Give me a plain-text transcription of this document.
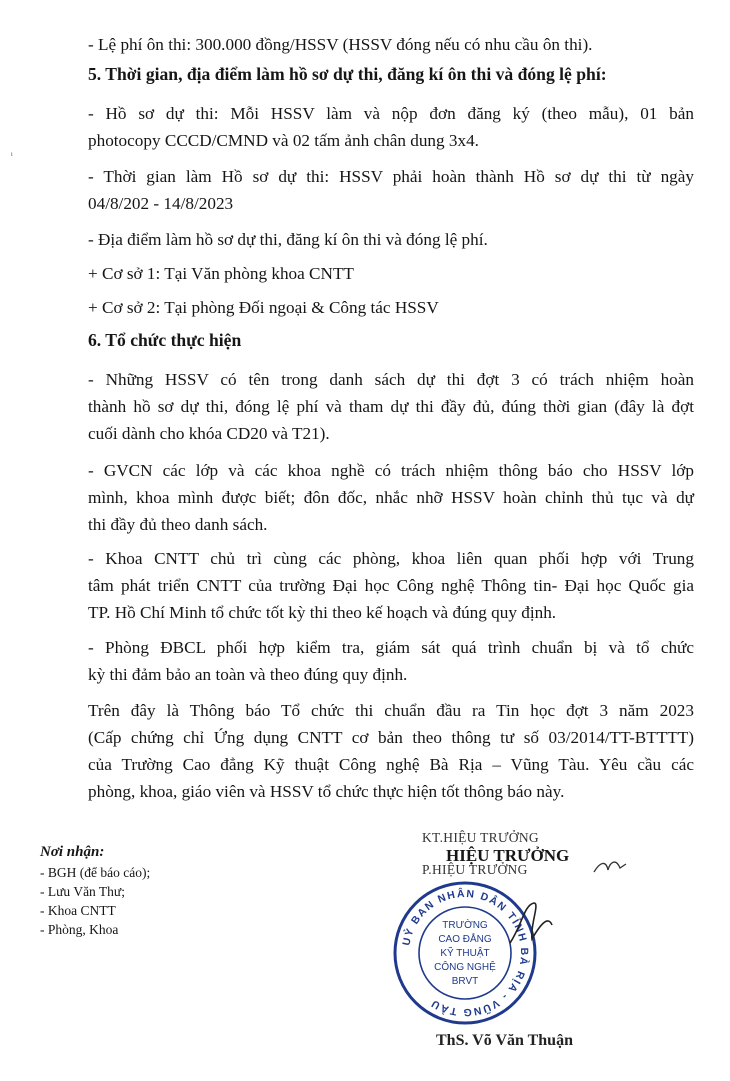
- Lệ phí ôn thi: 300.000 đồng/HSSV (HSSV đóng nếu có nhu cầu ôn thi).

5. Thời gian, địa điểm làm hồ sơ dự thi, đăng kí ôn thi và đóng lệ phí:

- Hồ sơ dự thi: Mỗi HSSV làm và nộp đơn đăng ký (theo mẫu), 01 bản

photocopy CCCD/CMND và 02 tấm ảnh chân dung 3x4.

- Thời gian làm Hồ sơ dự thi: HSSV phải hoàn thành Hồ sơ dự thi từ ngày

04/8/202 - 14/8/2023

- Địa điểm làm hồ sơ dự thi, đăng kí ôn thi và đóng lệ phí.

+ Cơ sở 1: Tại Văn phòng khoa CNTT

+ Cơ sở 2: Tại phòng Đối ngoại & Công tác HSSV

6. Tổ chức thực hiện

- Những HSSV có tên trong danh sách dự thi đợt 3 có trách nhiệm hoàn

thành hồ sơ dự thi, đóng lệ phí và tham dự thi đầy đủ, đúng thời gian (đây là đợt

cuối dành cho khóa CD20 và T21).

- GVCN các lớp và các khoa nghề có trách nhiệm thông báo cho HSSV lớp

mình, khoa mình được biết; đôn đốc, nhắc nhỡ HSSV hoàn chỉnh thủ tục và dự

thi đầy đủ theo danh sách.

- Khoa CNTT chủ trì cùng các phòng, khoa liên quan phối hợp với Trung

tâm phát triển CNTT của trường Đại học Công nghệ Thông tin- Đại học Quốc gia

TP. Hồ Chí Minh tổ chức tốt kỳ thi theo kế hoạch và đúng quy định.

- Phòng ĐBCL phối hợp kiểm tra, giám sát quá trình chuẩn bị và tổ chức

kỳ thi đảm bảo an toàn và theo đúng quy định.

Trên đây là Thông báo Tổ chức thi chuẩn đầu ra Tin học đợt 3 năm 2023

(Cấp chứng chỉ Ứng dụng CNTT cơ bản theo thông tư số 03/2014/TT-BTTTT)

của Trường Cao đẳng Kỹ thuật Công nghệ Bà Rịa – Vũng Tàu. Yêu cầu các

phòng, khoa, giáo viên và HSSV tổ chức thực hiện tốt thông báo này.

Nơi nhận:
- BGH (để báo cáo);
- Lưu Văn Thư;
- Khoa CNTT
- Phòng, Khoa
KT.HIỆU TRƯỞNG
HIỆU TRƯỞNG
P.HIỆU TRƯỞNG
UỶ BAN NHÂN DÂN TỈNH BÀ RỊA - VŨNG TÀU
TRƯỜNG
CAO ĐẲNG
KỸ THUẬT
CÔNG NGHỆ
BRVT
ThS. Võ Văn Thuận
ᵢ
